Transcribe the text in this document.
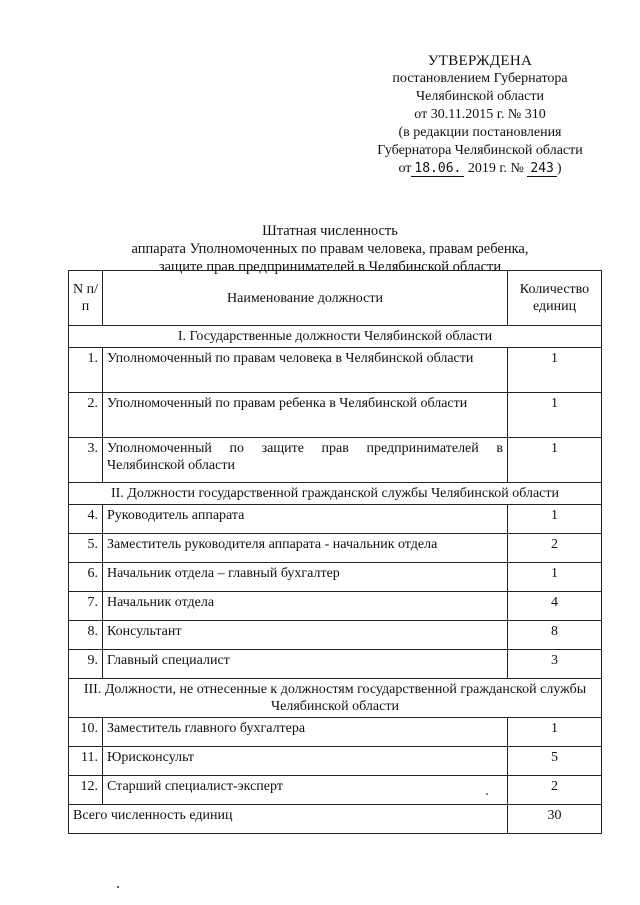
УТВЕРЖДЕНА
постановлением Губернатора
Челябинской области
от 30.11.2015 г. № 310
(в редакции постановления
Губернатора Челябинской области
от 18.06. 2019 г. № 243 )
Штатная численность
аппарата Уполномоченных по правам человека, правам ребенка,
защите прав предпринимателей в Челябинской области
N п/п	Наименование должности	Количество единиц
I. Государственные должности Челябинской области		
1.	Уполномоченный по правам человека в Челябинской области	1
2.	Уполномоченный по правам ребенка в Челябинской области	1
3.	Уполномоченный по защите прав предпринимателей в Челябинской области	1
II. Должности государственной гражданской службы Челябинской области		
4.	Руководитель аппарата	1
5.	Заместитель руководителя аппарата - начальник отдела	2
6.	Начальник отдела – главный бухгалтер	1
7.	Начальник отдела	4
8.	Консультант	8
9.	Главный специалист	3
III. Должности, не отнесенные к должностям государственной гражданской службы Челябинской области		
10.	Заместитель главного бухгалтера	1
11.	Юрисконсульт	5
12.	Старший специалист-эксперт	2
Всего численность единиц		30
